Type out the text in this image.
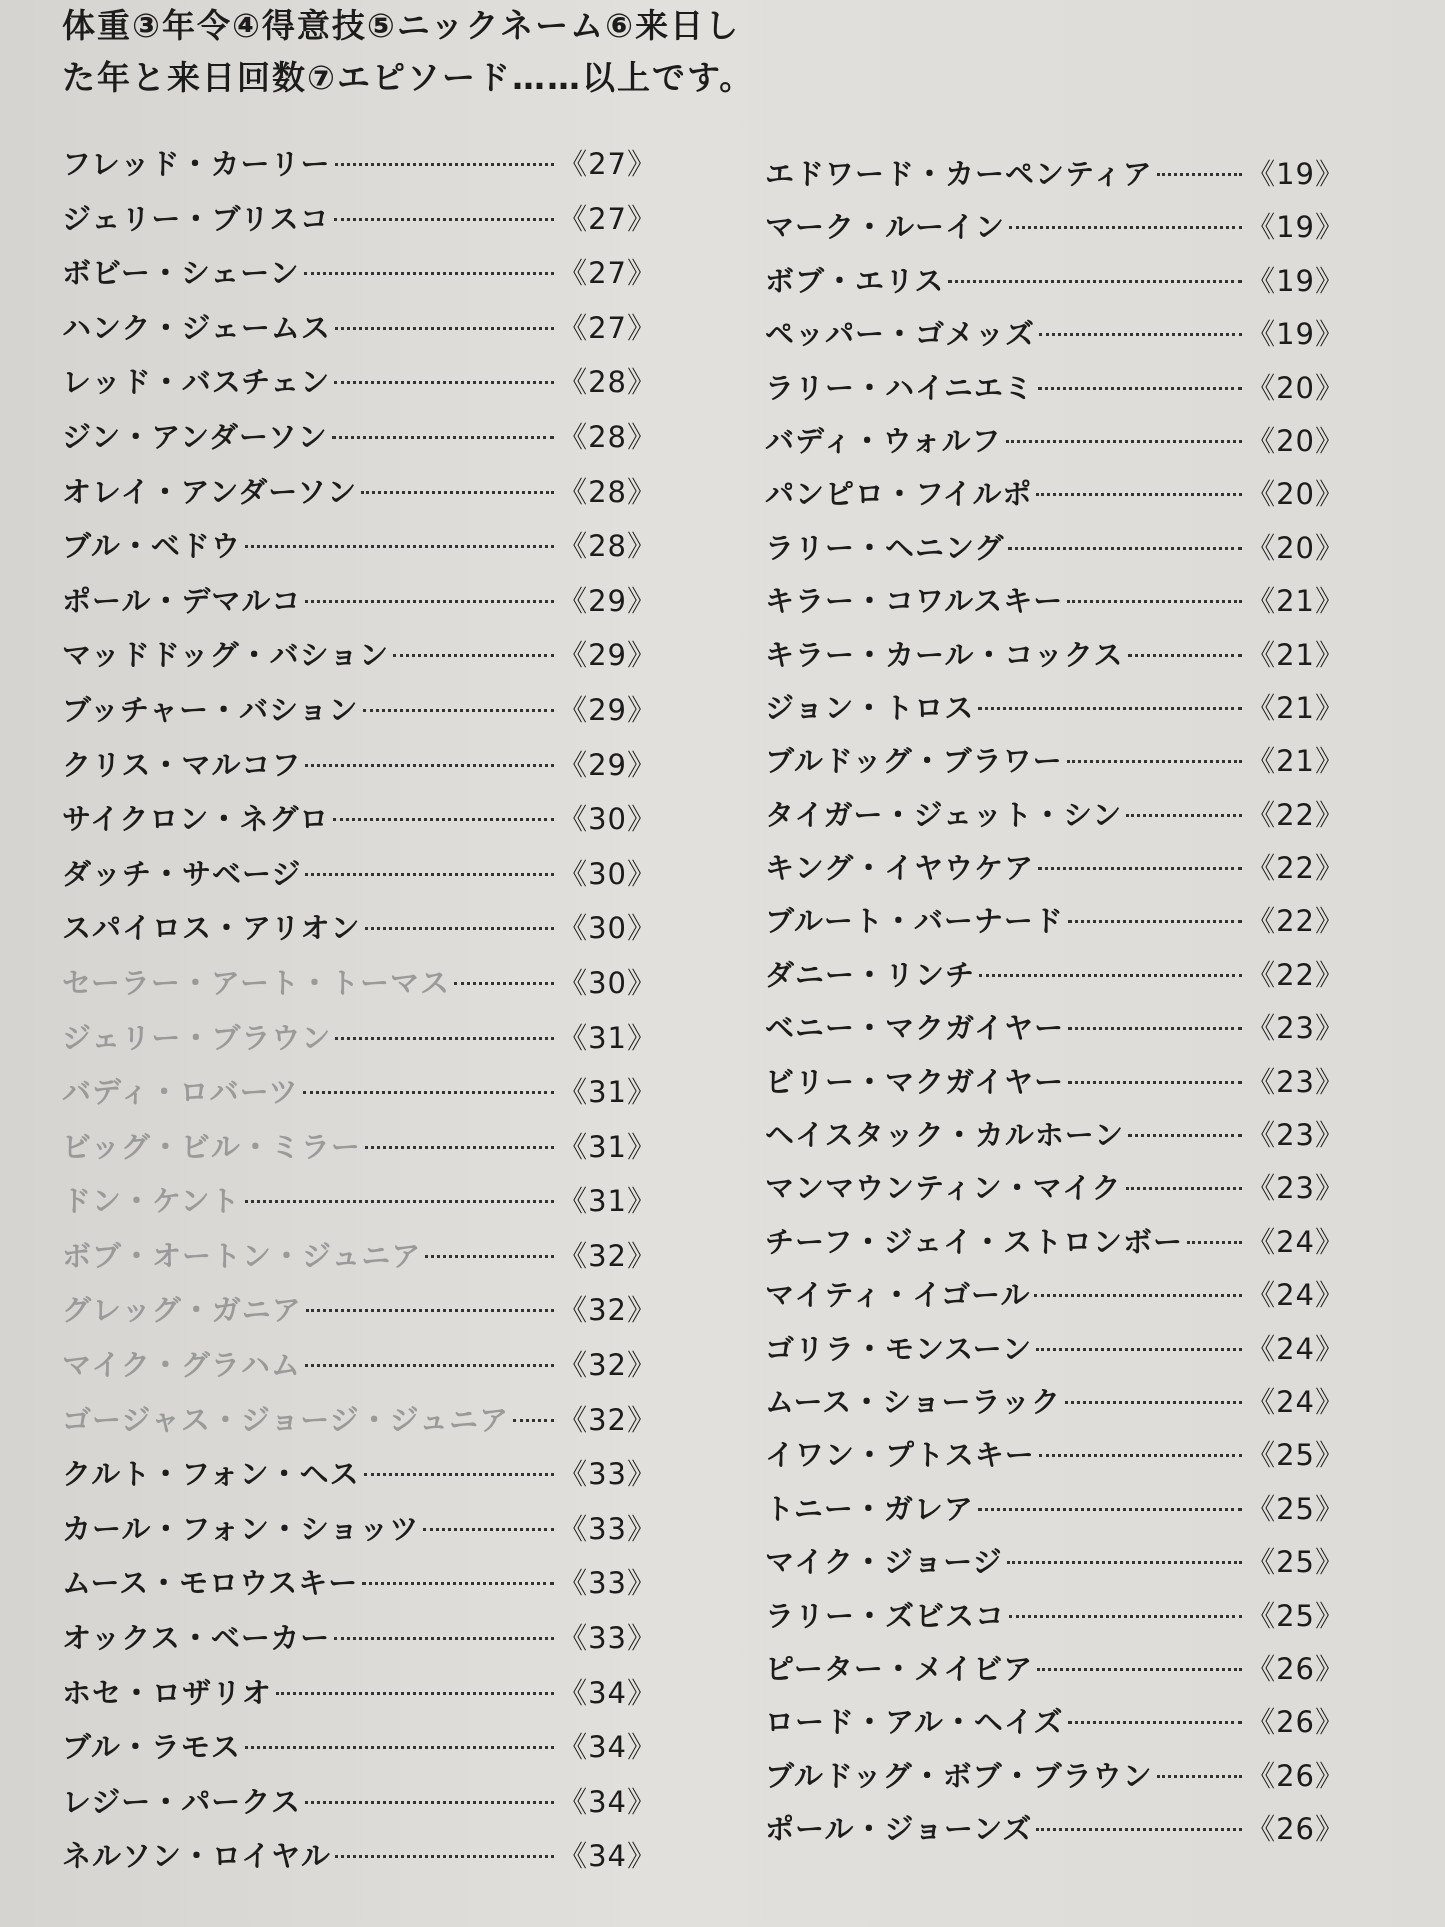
体重③年令④得意技⑤ニックネーム⑥来日し
た年と来日回数⑦エピソード……以上です。
フレッド・カーリー	《27》
ジェリー・ブリスコ	《27》
ボビー・シェーン	《27》
ハンク・ジェームス	《27》
レッド・バスチェン	《28》
ジン・アンダーソン	《28》
オレイ・アンダーソン	《28》
ブル・ベドウ	《28》
ポール・デマルコ	《29》
マッドドッグ・バション	《29》
ブッチャー・バション	《29》
クリス・マルコフ	《29》
サイクロン・ネグロ	《30》
ダッチ・サベージ	《30》
スパイロス・アリオン	《30》
セーラー・アート・トーマス	《30》
ジェリー・ブラウン	《31》
バディ・ロバーツ	《31》
ビッグ・ビル・ミラー	《31》
ドン・ケント	《31》
ボブ・オートン・ジュニア	《32》
グレッグ・ガニア	《32》
マイク・グラハム	《32》
ゴージャス・ジョージ・ジュニア 《32》
クルト・フォン・ヘス	《33》
カール・フォン・ショッツ	《33》
ムース・モロウスキー	《33》
オックス・ベーカー	《33》
ホセ・ロザリオ	《34》
ブル・ラモス	《34》
レジー・パークス	《34》
ネルソン・ロイヤル	《34》
エドワード・カーペンティア	《19》
マーク・ルーイン	《19》
ボブ・エリス	《19》
ペッパー・ゴメッズ	《19》
ラリー・ハイニエミ	《20》
バディ・ウォルフ	《20》
パンピロ・フイルポ	《20》
ラリー・ヘニング	《20》
キラー・コワルスキー	《21》
キラー・カール・コックス	《21》
ジョン・トロス	《21》
ブルドッグ・ブラワー	《21》
タイガー・ジェット・シン	《22》
キング・イヤウケア	《22》
ブルート・バーナード	《22》
ダニー・リンチ	《22》
ベニー・マクガイヤー	《23》
ビリー・マクガイヤー	《23》
ヘイスタック・カルホーン	《23》
マンマウンティン・マイク	《23》
チーフ・ジェイ・ストロンボー 《24》
マイティ・イゴール	《24》
ゴリラ・モンスーン	《24》
ムース・ショーラック	《24》
イワン・プトスキー	《25》
トニー・ガレア	《25》
マイク・ジョージ	《25》
ラリー・ズビスコ	《25》
ピーター・メイビア	《26》
ロード・アル・ヘイズ	《26》
ブルドッグ・ボブ・ブラウン	《26》
ポール・ジョーンズ	《26》
